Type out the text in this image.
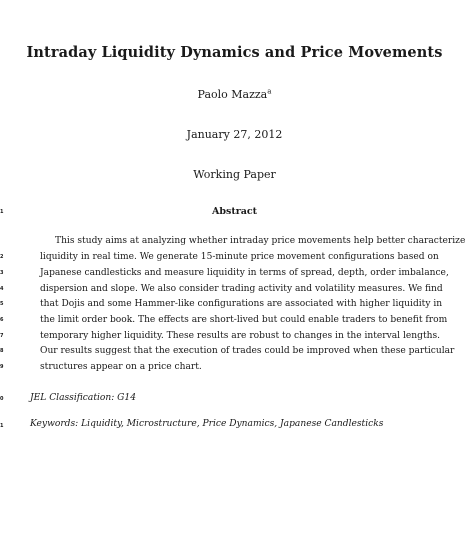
Intraday Liquidity Dynamics and Price Movements
Paolo Mazza$^a$
January 27, 2012
Working Paper
1
2
3
4
5
6
7
8
9
0
1
Abstract
This study aims at analyzing whether intraday price movements help better characterize
liquidity in real time. We generate 15-minute price movement configurations based on
Japanese candlesticks and measure liquidity in terms of spread, depth, order imbalance,
dispersion and slope. We also consider trading activity and volatility measures. We find
that Dojis and some Hammer-like configurations are associated with higher liquidity in
the limit order book. The effects are short-lived but could enable traders to benefit from
temporary higher liquidity. These results are robust to changes in the interval lengths.
Our results suggest that the execution of trades could be improved when these particular
structures appear on a price chart.
JEL Classification: G14
Keywords: Liquidity, Microstructure, Price Dynamics, Japanese Candlesticks
